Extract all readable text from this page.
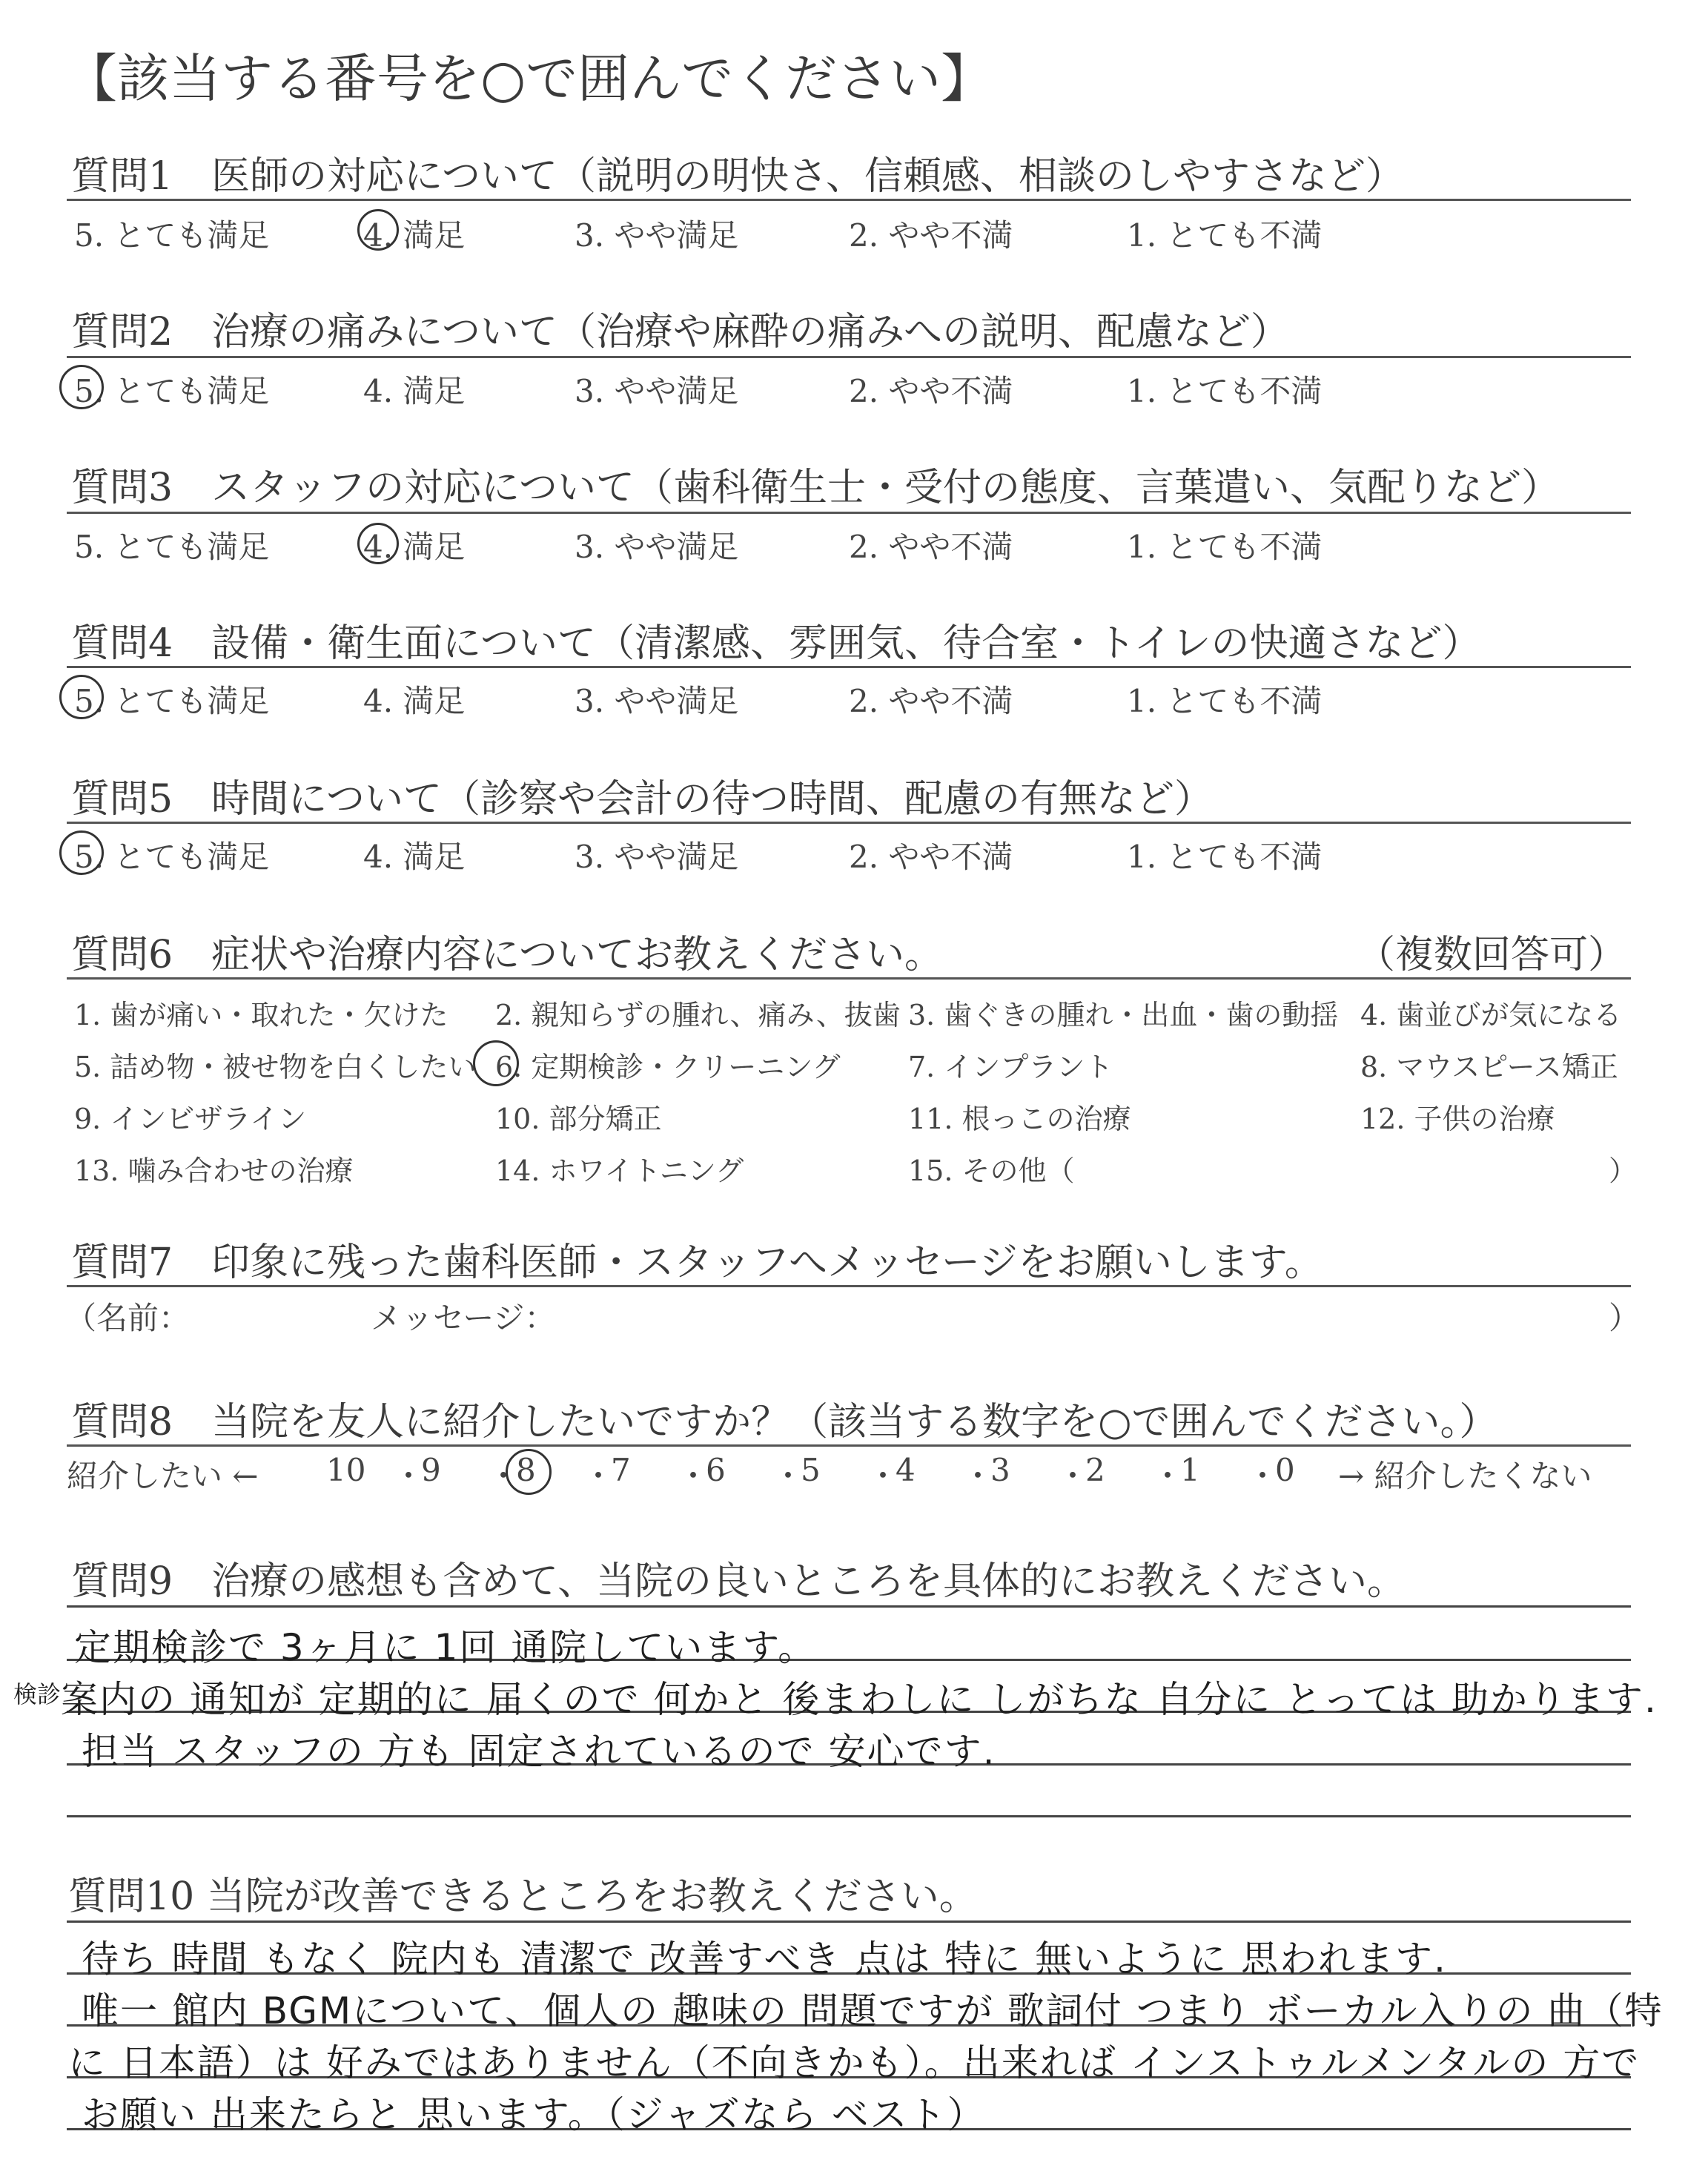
【該当する番号を○で囲んでください】
質問1　医師の対応について（説明の明快さ、信頼感、相談のしやすさなど）
5. とても満足	4. 満足	3. やや満足	2. やや不満	1. とても不満
質問2　治療の痛みについて（治療や麻酔の痛みへの説明、配慮など）
5. とても満足	4. 満足	3. やや満足	2. やや不満	1. とても不満
質問3　スタッフの対応について（歯科衛生士・受付の態度、言葉遣い、気配りなど）
5. とても満足	4. 満足	3. やや満足	2. やや不満	1. とても不満
質問4　設備・衛生面について（清潔感、雰囲気、待合室・トイレの快適さなど）
5. とても満足	4. 満足	3. やや満足	2. やや不満	1. とても不満
質問5　時間について（診察や会計の待つ時間、配慮の有無など）
5. とても満足	4. 満足	3. やや満足	2. やや不満	1. とても不満
質問6　症状や治療内容についてお教えください。	（複数回答可）
1. 歯が痛い・取れた・欠けた 2. 親知らずの腫れ、痛み、抜歯 3. 歯ぐきの腫れ・出血・歯の動揺 4. 歯並びが気になる
5. 詰め物・被せ物を白くしたい 6. 定期検診・クリーニング 7. インプラント	8. マウスピース矯正
9. インビザライン	10. 部分矯正	11. 根っこの治療	12. 子供の治療
13. 噛み合わせの治療	14. ホワイトニング	15. その他（	）
質問7　印象に残った歯科医師・スタッフへメッセージをお願いします。
（名前：	メッセージ：	）
質問8　当院を友人に紹介したいですか？（該当する数字を○で囲んでください。）
紹介したい ←	→ 紹介したくない
10 ・
9 ・
8 ・
7 ・
6 ・
5 ・
4 ・
3 ・
2 ・
1 ・
0
質問9　治療の感想も含めて、当院の良いところを具体的にお教えください。
検診
定期検診で 3ヶ月に 1回 通院しています。
案内の 通知が 定期的に 届くので 何かと 後まわしに しがちな 自分に とっては 助かります.
担当 スタッフの 方も 固定されているので 安心です.
質問10 当院が改善できるところをお教えください。
待ち 時間 もなく 院内も 清潔で 改善すべき 点は 特に 無いように 思われます.
唯一 館内 BGMについて、個人の 趣味の 問題ですが 歌詞付 つまり ボーカル入りの 曲（特
に 日本語）は 好みではありません（不向きかも）。出来れば インストゥルメンタルの 方で
お願い 出来たらと 思います。（ジャズなら ベスト）
